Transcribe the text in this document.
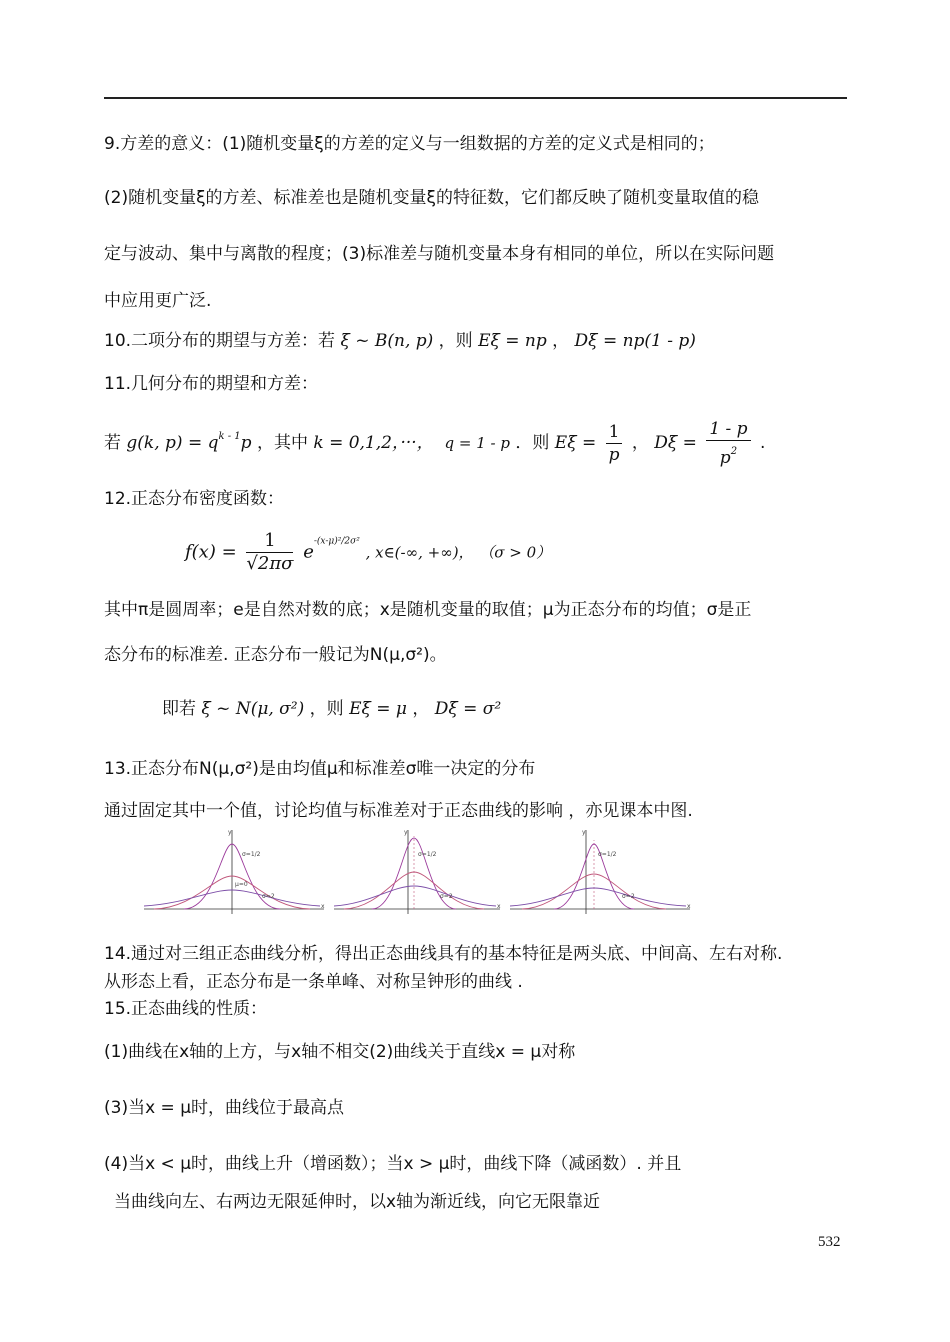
9.方差的意义：(1)随机变量ξ的方差的定义与一组数据的方差的定义式是相同的；
(2)随机变量ξ的方差、标准差也是随机变量ξ的特征数，它们都反映了随机变量取值的稳
定与波动、集中与离散的程度；(3)标准差与随机变量本身有相同的单位，所以在实际问题
中应用更广泛.
10.二项分布的期望与方差：若 ξ ~ B(n, p) ，则 Eξ = np ， Dξ = np(1 - p)
11.几何分布的期望和方差：
若 g(k, $p) = q^{k - 1}p$ ，其中 k = 0,1,2，···， q = 1 - p ．则 $E\xi = \frac{1}{p}$ ， $D\xi = \frac{1 - p}{p^2}$ .
12.正态分布密度函数：
$f(x) = \frac{1}{√2\pi\sigma} e^{-(x-\mu)^2/2\sigma^2}$ , x∈(-∞, +∞)， （σ > 0）
其中π是圆周率；e是自然对数的底；x是随机变量的取值；μ为正态分布的均值；σ是正
态分布的标准差. 正态分布一般记为N(μ,σ²)。
即若 ξ ~ N(μ, σ²) ，则 Eξ = μ ， Dξ = σ²
13.正态分布N(μ,σ²)是由均值μ和标准差σ唯一决定的分布
通过固定其中一个值，讨论均值与标准差对于正态曲线的影响 ，亦见课本中图.
μ=0
σ=1/2
σ=2
y
x
σ=1/2
σ=2
y
x
σ=1/2
σ=2
y
x
14.通过对三组正态曲线分析，得出正态曲线具有的基本特征是两头底、中间高、左右对称.
从形态上看，正态分布是一条单峰、对称呈钟形的曲线 .
15.正态曲线的性质：
(1)曲线在x轴的上方，与x轴不相交(2)曲线关于直线x = μ对称
(3)当x = μ时，曲线位于最高点
(4)当x < μ时，曲线上升（增函数）；当x > μ时，曲线下降（减函数）. 并且
当曲线向左、右两边无限延伸时，以x轴为渐近线，向它无限靠近
532
